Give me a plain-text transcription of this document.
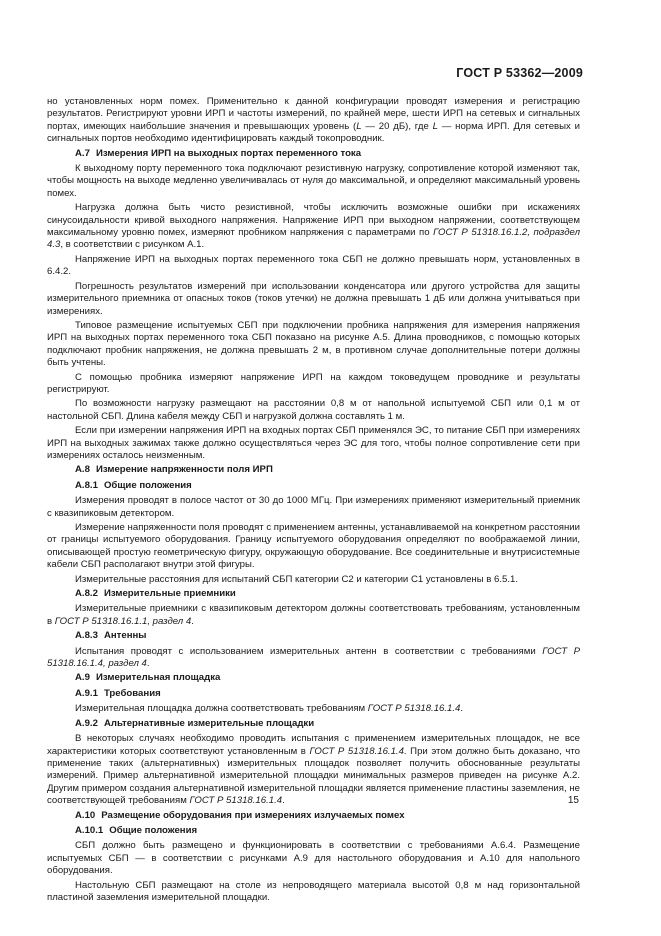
ГОСТ Р 53362—2009

но установленных норм помех. Применительно к данной конфигурации проводят измерения и регистрацию результатов. Регистрируют уровни ИРП и частоты измерений, по крайней мере, шести ИРП на сетевых и сигнальных портах, имеющих наибольшие значения и превышающих уровень (L — 20 дБ), где L — норма ИРП. Для сетевых и сигнальных портов необходимо идентифицировать каждый токопроводник.

А.7 Измерения ИРП на выходных портах переменного тока

К выходному порту переменного тока подключают резистивную нагрузку, сопротивление которой изменяют так, чтобы мощность на выходе медленно увеличивалась от нуля до максимальной, и определяют максимальный уровень помех.

Нагрузка должна быть чисто резистивной, чтобы исключить возможные ошибки при искажениях синусоидальности кривой выходного напряжения. Напряжение ИРП при выходном напряжении, соответствующем максимальному уровню помех, измеряют пробником напряжения с параметрами по ГОСТ Р 51318.16.1.2, подраздел 4.3, в соответствии с рисунком А.1.

Напряжение ИРП на выходных портах переменного тока СБП не должно превышать норм, установленных в 6.4.2.

Погрешность результатов измерений при использовании конденсатора или другого устройства для защиты измерительного приемника от опасных токов (токов утечки) не должна превышать 1 дБ или должна учитываться при измерениях.

Типовое размещение испытуемых СБП при подключении пробника напряжения для измерения напряжения ИРП на выходных портах переменного тока СБП показано на рисунке А.5. Длина проводников, с помощью которых подключают пробник напряжения, не должна превышать 2 м, в противном случае дополнительные потери должны быть учтены.

С помощью пробника измеряют напряжение ИРП на каждом токоведущем проводнике и результаты регистрируют.

По возможности нагрузку размещают на расстоянии 0,8 м от напольной испытуемой СБП или 0,1 м от настольной СБП. Длина кабеля между СБП и нагрузкой должна составлять 1 м.

Если при измерении напряжения ИРП на входных портах СБП применялся ЭС, то питание СБП при измерениях ИРП на выходных зажимах также должно осуществляться через ЭС для того, чтобы полное сопротивление сети при измерениях осталось неизменным.

А.8 Измерение напряженности поля ИРП
А.8.1 Общие положения

Измерения проводят в полосе частот от 30 до 1000 МГц. При измерениях применяют измерительный приемник с квазипиковым детектором.

Измерение напряженности поля проводят с применением антенны, устанавливаемой на конкретном расстоянии от границы испытуемого оборудования. Границу испытуемого оборудования определяют по воображаемой линии, описывающей простую геометрическую фигуру, окружающую оборудование. Все соединительные и внутрисистемные кабели СБП располагают внутри этой фигуры.

Измерительные расстояния для испытаний СБП категории С2 и категории С1 установлены в 6.5.1.

А.8.2 Измерительные приемники

Измерительные приемники с квазипиковым детектором должны соответствовать требованиям, установленным в ГОСТ Р 51318.16.1.1, раздел 4.

А.8.3 Антенны

Испытания проводят с использованием измерительных антенн в соответствии с требованиями ГОСТ Р 51318.16.1.4, раздел 4.

А.9 Измерительная площадка
А.9.1 Требования

Измерительная площадка должна соответствовать требованиям ГОСТ Р 51318.16.1.4.

А.9.2 Альтернативные измерительные площадки

В некоторых случаях необходимо проводить испытания с применением измерительных площадок, не все характеристики которых соответствуют установленным в ГОСТ Р 51318.16.1.4. При этом должно быть доказано, что применение таких (альтернативных) измерительных площадок позволяет получить обоснованные результаты измерений. Пример альтернативной измерительной площадки минимальных размеров приведен на рисунке А.2. Другим примером создания альтернативной измерительной площадки является применение пластины заземления, не соответствующей требованиям ГОСТ Р 51318.16.1.4.

А.10 Размещение оборудования при измерениях излучаемых помех
А.10.1 Общие положения

СБП должно быть размещено и функционировать в соответствии с требованиями А.6.4. Размещение испытуемых СБП — в соответствии с рисунками А.9 для настольного оборудования и А.10 для напольного оборудования.

Настольную СБП размещают на столе из непроводящего материала высотой 0,8 м над горизонтальной пластиной заземления измерительной площадки.

15
